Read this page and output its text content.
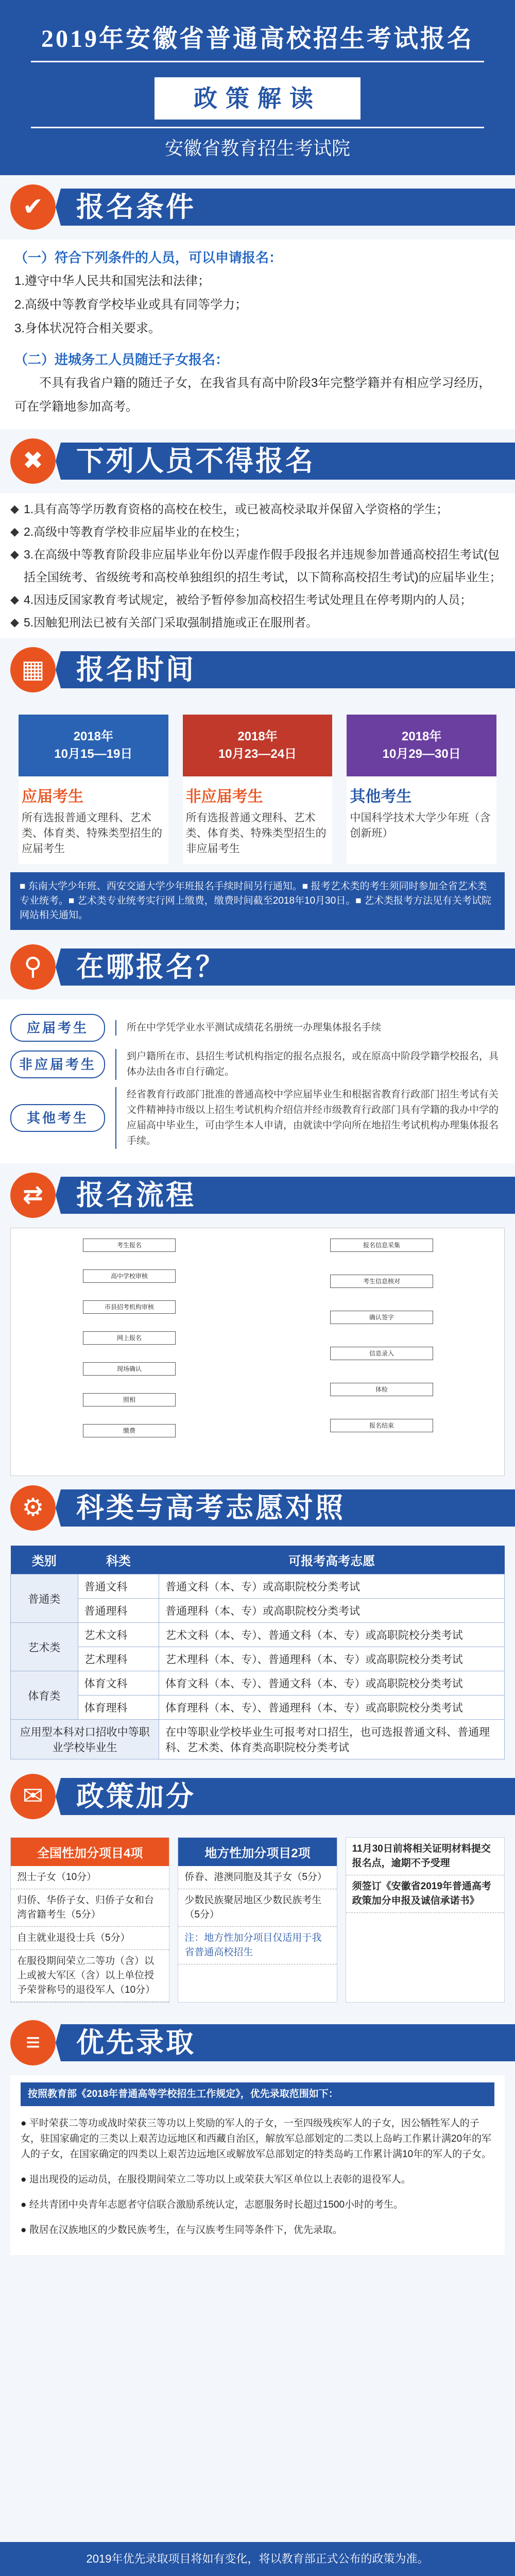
2019年安徽省普通高校招生考试报名
政策解读
安徽省教育招生考试院
✔	报名条件

（一）符合下列条件的人员，可以申请报名：

1.遵守中华人民共和国宪法和法律；

2.高级中等教育学校毕业或具有同等学力；

3.身体状况符合相关要求。

（二）进城务工人员随迁子女报名：

不具有我省户籍的随迁子女，在我省具有高中阶段3年完整学籍并有相应学习经历，可在学籍地参加高考。

✖	下列人员不得报名
◆ 1.具有高等学历教育资格的高校在校生，或已被高校录取并保留入学资格的学生；
◆ 2.高级中等教育学校非应届毕业的在校生；
◆ 3.在高级中等教育阶段非应届毕业年份以弄虚作假手段报名并违规参加普通高校招生考试(包括全国统考、省级统考和高校单独组织的招生考试，以下简称高校招生考试)的应届毕业生；
◆ 4.因违反国家教育考试规定，被给予暂停参加高校招生考试处理且在停考期内的人员；
◆ 5.因触犯刑法已被有关部门采取强制措施或正在服刑者。
▦	报名时间
2018年
10月15—19日
应届考生
所有选报普通文理科、艺术类、体育类、特殊类型招生的应届考生
2018年
10月23—24日
非应届考生
所有选报普通文理科、艺术类、体育类、特殊类型招生的非应届考生
2018年
10月29—30日
其他考生
中国科学技术大学少年班（含创新班）
■ 东南大学少年班、西安交通大学少年班报名手续时间另行通知。■ 报考艺术类的考生须同时参加全省艺术类专业统考。■ 艺术类专业统考实行网上缴费，缴费时间截至2018年10月30日。■ 艺术类报考方法见有关考试院网站相关通知。
⚲	在哪报名？
应届考生	所在中学凭学业水平测试成绩花名册统一办理集体报名手续
非应届考生
到户籍所在市、县招生考试机构指定的报名点报名，或在原高中阶段学籍学校报名，具体办法由各市自行确定。
其他考生
经省教育行政部门批准的普通高校中学应届毕业生和根据省教育行政部门招生考试有关文件精神持市级以上招生考试机构介绍信并经市级教育行政部门具有学籍的我办中学的应届高中毕业生，可由学生本人申请，由就读中学向所在地招生考试机构办理集体报名手续。
⇄	报名流程
考生报名
高中学校审核
市县招考机构审核
网上报名
现场确认
照相
缴费
报名信息采集
考生信息核对
确认签字
信息录入
体检
报名结束
⚙	科类与高考志愿对照
类别	科类	可报考高考志愿
普通类	普通文科	普通文科（本、专）或高职院校分类考试
	普通理科	普通理科（本、专）或高职院校分类考试
艺术类	艺术文科	艺术文科（本、专）、普通文科（本、专）或高职院校分类考试
	艺术理科	艺术理科（本、专）、普通理科（本、专）或高职院校分类考试
体育类	体育文科	体育文科（本、专）、普通文科（本、专）或高职院校分类考试
	体育理科	体育理科（本、专）、普通理科（本、专）或高职院校分类考试
应用型本科对口招收中等职业学校毕业生		在中等职业学校毕业生可报考对口招生，也可选报普通文科、普通理科、艺术类、体育类高职院校分类考试
✉	政策加分
全国性加分项目4项
烈士子女（10分）
归侨、华侨子女、归侨子女和台湾省籍考生（5分）
自主就业退役士兵（5分）
在服役期间荣立二等功（含）以上或被大军区（含）以上单位授予荣誉称号的退役军人（10分）
地方性加分项目2项
侨眷、港澳同胞及其子女（5分）
少数民族聚居地区少数民族考生（5分）
注：地方性加分项目仅适用于我省普通高校招生
11月30日前将相关证明材料提交报名点，逾期不予受理
须签订《安徽省2019年普通高考政策加分申报及诚信承诺书》
≡	优先录取
按照教育部《2018年普通高等学校招生工作规定》，优先录取范围如下：

● 平时荣获二等功或战时荣获三等功以上奖励的军人的子女，一至四级残疾军人的子女，因公牺牲军人的子女，驻国家确定的三类以上艰苦边远地区和西藏自治区，解放军总部划定的二类以上岛屿工作累计满20年的军人的子女，在国家确定的四类以上艰苦边远地区或解放军总部划定的特类岛屿工作累计满10年的军人的子女。

● 退出现役的运动员，在服役期间荣立二等功以上或荣获大军区单位以上表彰的退役军人。

● 经共青团中央青年志愿者守信联合激励系统认定，志愿服务时长超过1500小时的考生。

● 散居在汉族地区的少数民族考生，在与汉族考生同等条件下，优先录取。

2019年优先录取项目将如有变化，将以教育部正式公布的政策为准。
